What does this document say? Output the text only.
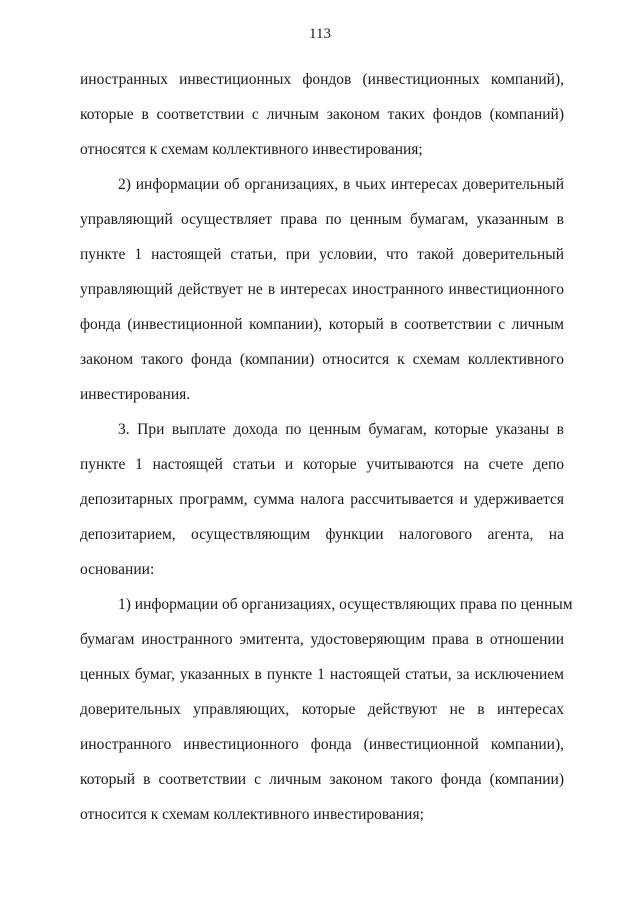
113
иностранных инвестиционных фондов (инвестиционных компаний),
которые в соответствии с личным законом таких фондов (компаний)
относятся к схемам коллективного инвестирования;
2) информации об организациях, в чьих интересах доверительный
управляющий осуществляет права по ценным бумагам, указанным в
пункте 1 настоящей статьи, при условии, что такой доверительный
управляющий действует не в интересах иностранного инвестиционного
фонда (инвестиционной компании), который в соответствии с личным
законом такого фонда (компании) относится к схемам коллективного
инвестирования.
3. При выплате дохода по ценным бумагам, которые указаны в
пункте 1 настоящей статьи и которые учитываются на счете депо
депозитарных программ, сумма налога рассчитывается и удерживается
депозитарием, осуществляющим функции налогового агента, на
основании:
1) информации об организациях, осуществляющих права по ценным
бумагам иностранного эмитента, удостоверяющим права в отношении
ценных бумаг, указанных в пункте 1 настоящей статьи, за исключением
доверительных управляющих, которые действуют не в интересах
иностранного инвестиционного фонда (инвестиционной компании),
который в соответствии с личным законом такого фонда (компании)
относится к схемам коллективного инвестирования;
